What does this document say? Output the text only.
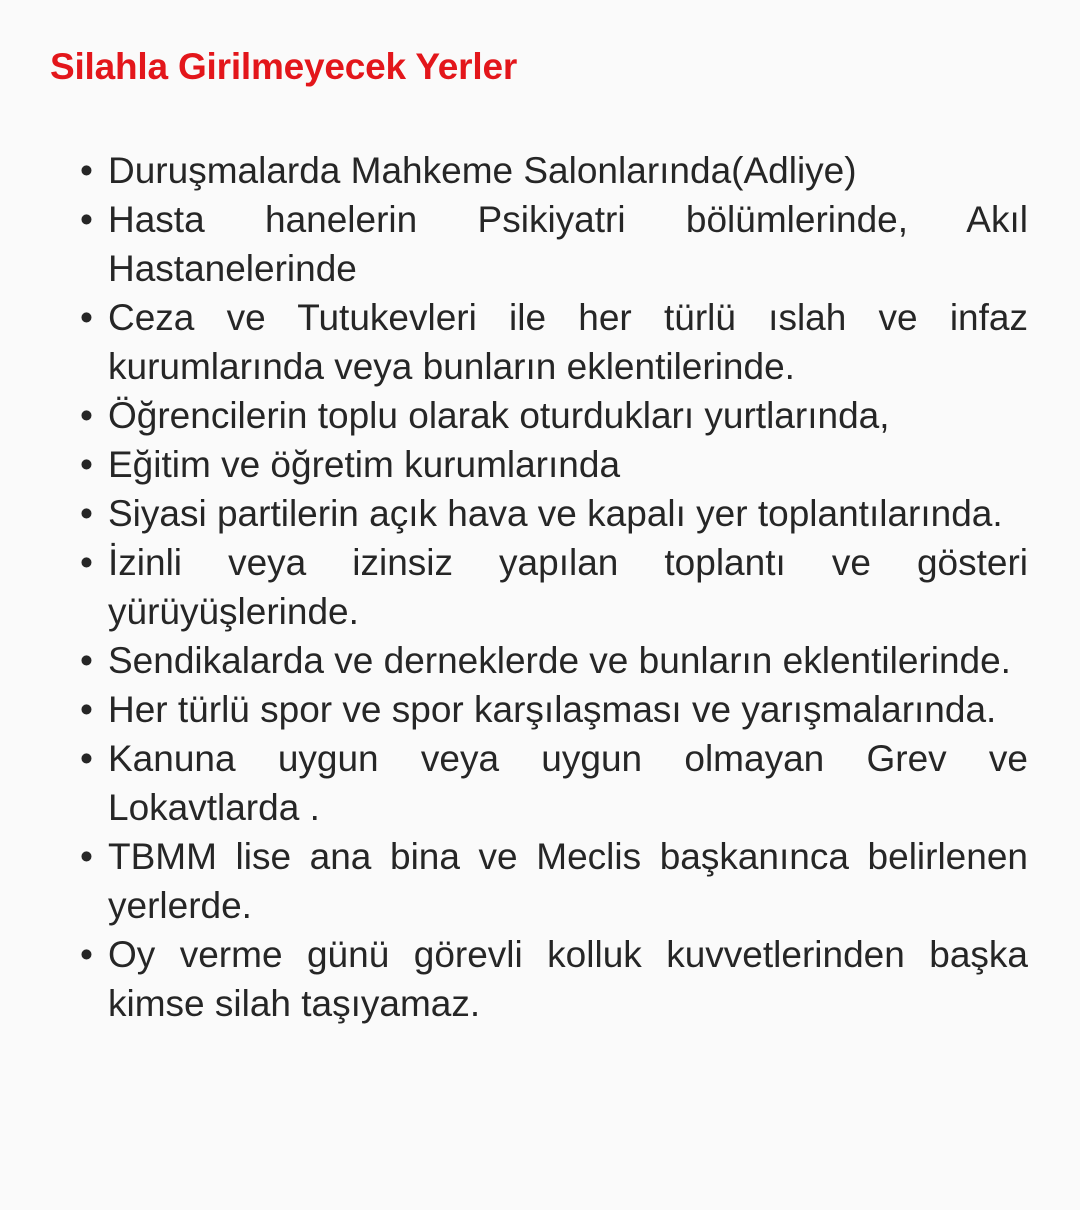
Silahla Girilmeyecek Yerler
• Duruşmalarda Mahkeme Salonlarında(Adliye)
• Hasta hanelerin Psikiyatri bölümlerinde, Akıl Hastanelerinde
• Ceza ve Tutukevleri ile her türlü ıslah ve infaz kurumlarında veya bunların eklentilerinde.
• Öğrencilerin toplu olarak oturdukları yurtlarında,
• Eğitim ve öğretim kurumlarında
• Siyasi partilerin açık hava ve kapalı yer toplantılarında.
• İzinli veya izinsiz yapılan toplantı ve gösteri yürüyüşlerinde.
• Sendikalarda ve derneklerde ve bunların eklentilerinde.
• Her türlü spor ve spor karşılaşması ve yarışmalarında.
• Kanuna uygun veya uygun olmayan Grev ve Lokavtlarda .
• TBMM lise ana bina ve Meclis başkanınca belirlenen yerlerde.
• Oy verme günü görevli kolluk kuvvetlerinden başka kimse silah taşıyamaz.
